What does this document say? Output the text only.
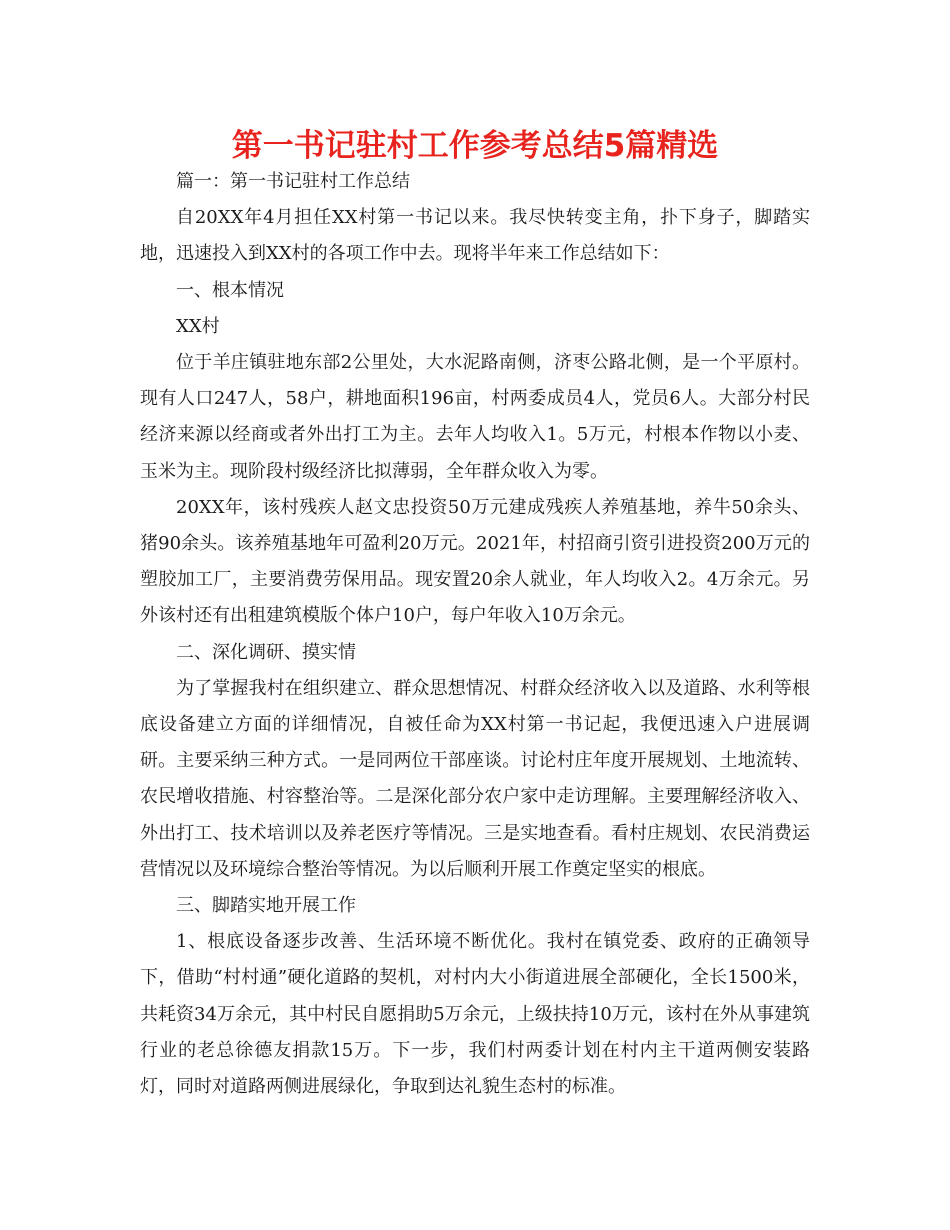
第一书记驻村工作参考总结5篇精选

篇一：第一书记驻村工作总结

自20XX年4月担任XX村第一书记以来。我尽快转变主角，扑下身子，脚踏实地，迅速投入到XX村的各项工作中去。现将半年来工作总结如下：

一、根本情况

XX村

位于羊庄镇驻地东部2公里处，大水泥路南侧，济枣公路北侧，是一个平原村。现有人口247人，58户，耕地面积196亩，村两委成员4人，党员6人。大部分村民经济来源以经商或者外出打工为主。去年人均收入1。5万元，村根本作物以小麦、玉米为主。现阶段村级经济比拟薄弱，全年群众收入为零。

20XX年，该村残疾人赵文忠投资50万元建成残疾人养殖基地，养牛50余头、猪90余头。该养殖基地年可盈利20万元。2021年，村招商引资引进投资200万元的塑胶加工厂，主要消费劳保用品。现安置20余人就业，年人均收入2。4万余元。另外该村还有出租建筑模版个体户10户，每户年收入10万余元。

二、深化调研、摸实情

为了掌握我村在组织建立、群众思想情况、村群众经济收入以及道路、水利等根底设备建立方面的详细情况，自被任命为XX村第一书记起，我便迅速入户进展调研。主要采纳三种方式。一是同两位干部座谈。讨论村庄年度开展规划、土地流转、农民增收措施、村容整治等。二是深化部分农户家中走访理解。主要理解经济收入、外出打工、技术培训以及养老医疗等情况。三是实地查看。看村庄规划、农民消费运营情况以及环境综合整治等情况。为以后顺利开展工作奠定坚实的根底。

三、脚踏实地开展工作

1、根底设备逐步改善、生活环境不断优化。我村在镇党委、政府的正确领导下，借助“村村通”硬化道路的契机，对村内大小街道进展全部硬化，全长1500米，共耗资34万余元，其中村民自愿捐助5万余元，上级扶持10万元，该村在外从事建筑行业的老总徐德友捐款15万。下一步，我们村两委计划在村内主干道两侧安装路灯，同时对道路两侧进展绿化，争取到达礼貌生态村的标准。
